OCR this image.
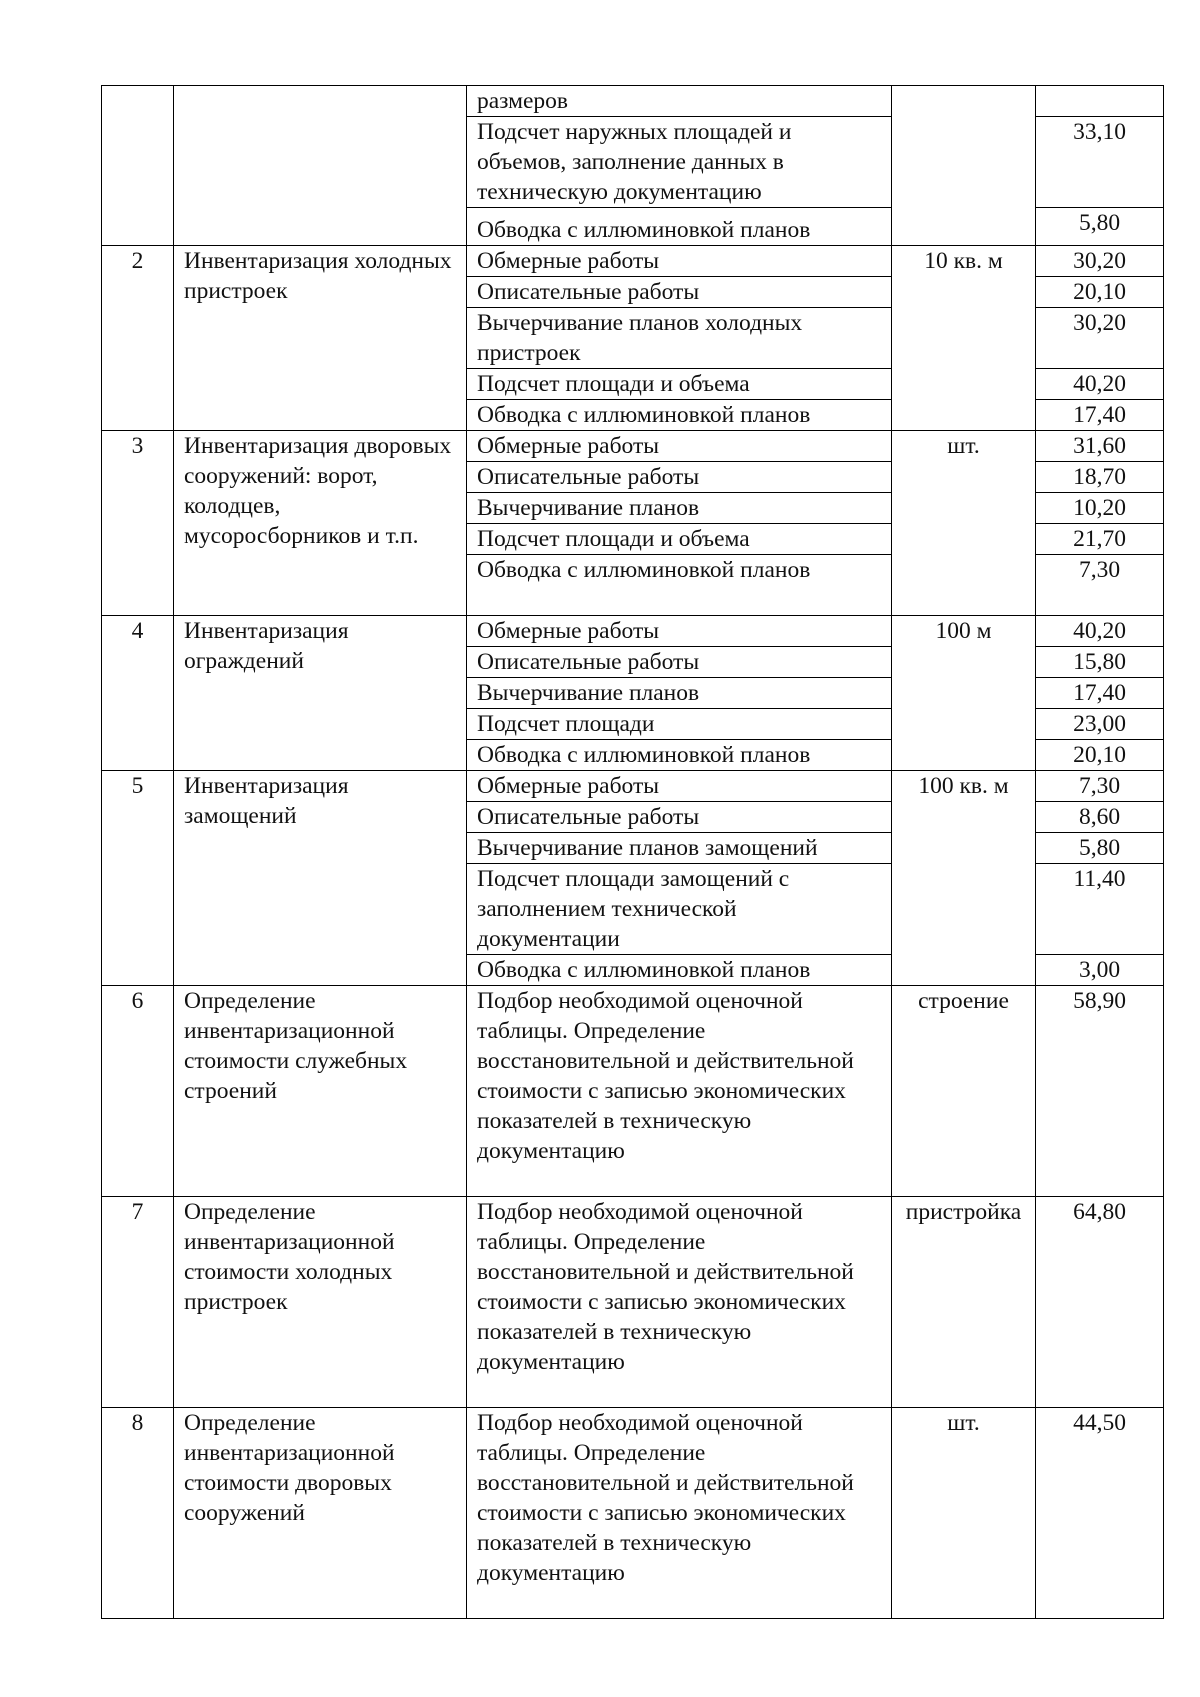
		размеров		
		Подсчет наружных площадей и объемов, заполнение данных в техническую документацию		33,10
		Обводка с иллюминовкой планов		5,80
2	Инвентаризация холодных пристроек	Обмерные работы	10 кв. м	30,20
		Описательные работы		20,10
		Вычерчивание планов холодных пристроек		30,20
		Подсчет площади и объема		40,20
		Обводка с иллюминовкой планов		17,40
3	Инвентаризация дворовых сооружений: ворот, колодцев, мусоросборников и т.п.	Обмерные работы	шт.	31,60
		Описательные работы		18,70
		Вычерчивание планов		10,20
		Подсчет площади и объема		21,70
		Обводка с иллюминовкой планов		7,30
4	Инвентаризация ограждений	Обмерные работы	100 м	40,20
		Описательные работы		15,80
		Вычерчивание планов		17,40
		Подсчет площади		23,00
		Обводка с иллюминовкой планов		20,10
5	Инвентаризация замощений	Обмерные работы	100 кв. м	7,30
		Описательные работы		8,60
		Вычерчивание планов замощений		5,80
		Подсчет площади замощений с заполнением технической документации		11,40
		Обводка с иллюминовкой планов		3,00
6	Определение инвентаризационной стоимости служебных строений	Подбор необходимой оценочной таблицы. Определение восстановительной и действительной стоимости с записью экономических показателей в техническую документацию	строение	58,90
7	Определение инвентаризационной стоимости холодных пристроек	Подбор необходимой оценочной таблицы. Определение восстановительной и действительной стоимости с записью экономических показателей в техническую документацию	пристройка	64,80
8	Определение инвентаризационной стоимости дворовых сооружений	Подбор необходимой оценочной таблицы. Определение восстановительной и действительной стоимости с записью экономических показателей в техническую документацию	шт.	44,50
